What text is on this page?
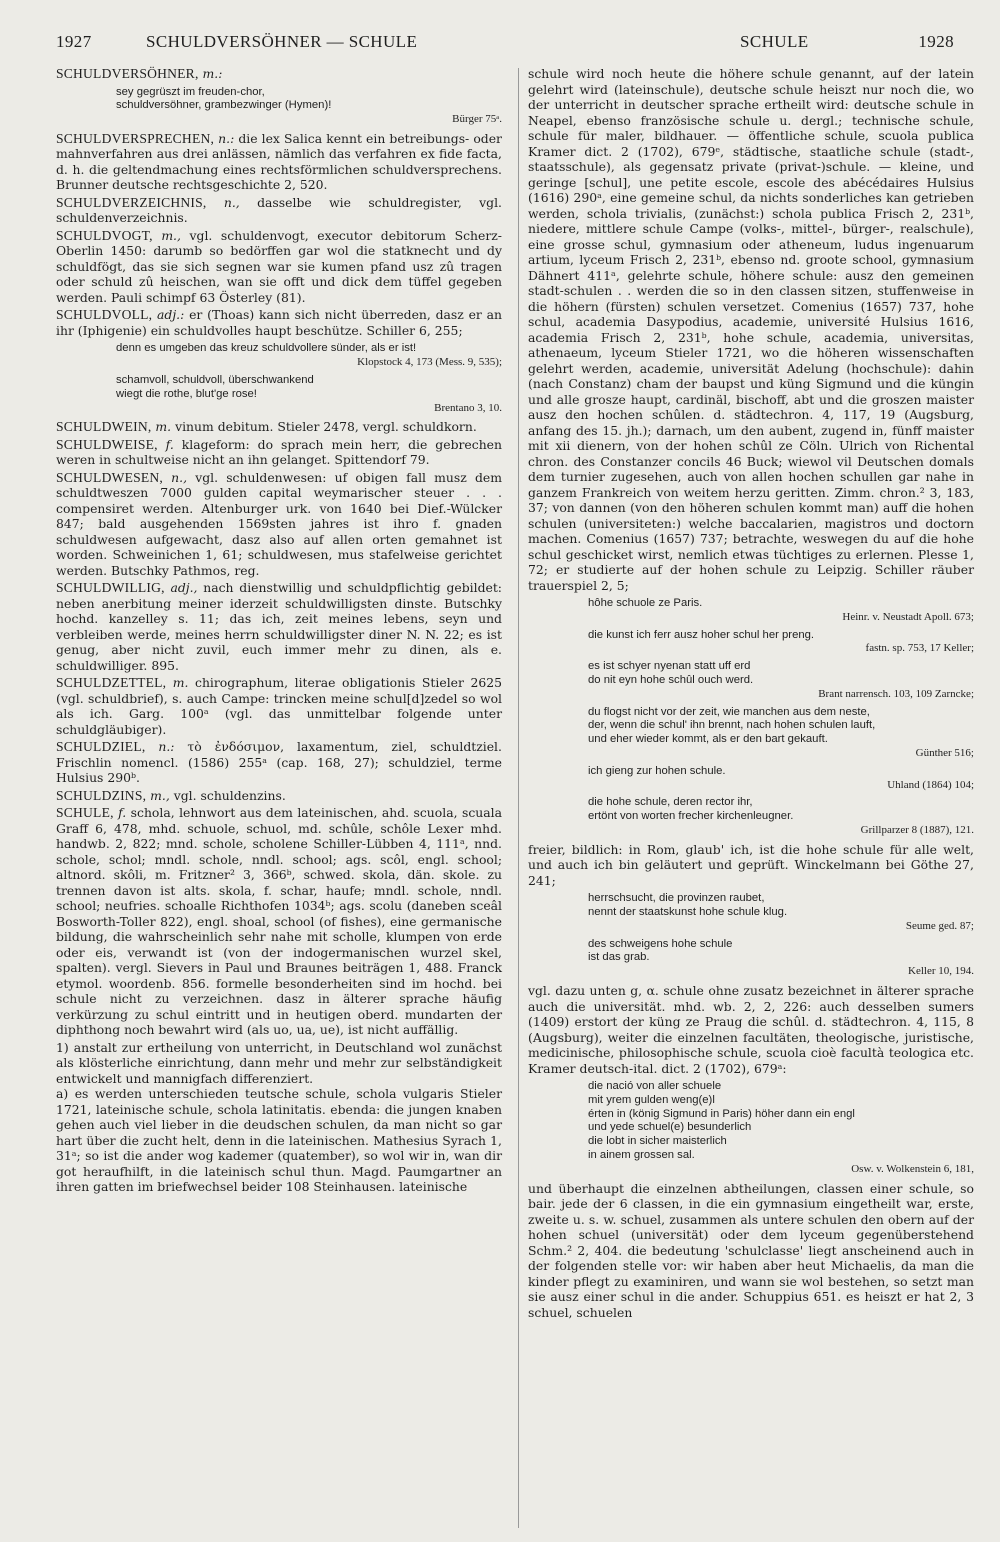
1927	SCHULDVERSÖHNER — SCHULE	SCHULE	1928

SCHULDVERSÖHNER, m.:

sey gegrüszt im freuden-chor,
schuldversöhner, grambezwinger (Hymen)!
Bürger 75ᵃ.

SCHULDVERSPRECHEN, n.: die lex Salica kennt ein betreibungs- oder mahnverfahren aus drei anlässen, nämlich das verfahren ex fide facta, d. h. die geltendmachung eines rechtsförmlichen schuldversprechens. Brunner deutsche rechtsgeschichte 2, 520.

SCHULDVERZEICHNIS, n., dasselbe wie schuldregister, vgl. schuldenverzeichnis.

SCHULDVOGT, m., vgl. schuldenvogt, executor debitorum Scherz-Oberlin 1450: darumb so bedörffen gar wol die statknecht und dy schuldfögt, das sie sich segnen war sie kumen pfand usz zû tragen oder schuld zû heischen, wan sie offt und dick dem tüffel gegeben werden. Pauli schimpf 63 Österley (81).

SCHULDVOLL, adj.: er (Thoas) kann sich nicht überreden, dasz er an ihr (Iphigenie) ein schuldvolles haupt beschütze. Schiller 6, 255;

denn es umgeben das kreuz schuldvollere sünder, als er ist!
Klopstock 4, 173 (Mess. 9, 535);
schamvoll, schuldvoll, überschwankend
wiegt die rothe, blut'ge rose!
Brentano 3, 10.

SCHULDWEIN, m. vinum debitum. Stieler 2478, vergl. schuldkorn.

SCHULDWEISE, f. klageform: do sprach mein herr, die gebrechen weren in schultweise nicht an ihn gelanget. Spittendorf 79.

SCHULDWESEN, n., vgl. schuldenwesen: uf obigen fall musz dem schuldtweszen 7000 gulden capital weymarischer steuer . . . compensiret werden. Altenburger urk. von 1640 bei Dief.-Wülcker 847; bald ausgehenden 1569sten jahres ist ihro f. gnaden schuldwesen aufgewacht, dasz also auf allen orten gemahnet ist worden. Schweinichen 1, 61; schuldwesen, mus stafelweise gerichtet werden. Butschky Pathmos, reg.

SCHULDWILLIG, adj., nach dienstwillig und schuldpflichtig gebildet: neben anerbitung meiner iderzeit schuldwilligsten dinste. Butschky hochd. kanzelley s. 11; das ich, zeit meines lebens, seyn und verbleiben werde, meines herrn schuldwilligster diner N. N. 22; es ist genug, aber nicht zuvil, euch immer mehr zu dinen, als e. schuldwilliger. 895.

SCHULDZETTEL, m. chirographum, literae obligationis Stieler 2625 (vgl. schuldbrief), s. auch Campe: trincken meine schul[d]zedel so wol als ich. Garg. 100ᵃ (vgl. das unmittelbar folgende unter schuldgläubiger).

SCHULDZIEL, n.: τὸ ἐνδόσιμον, laxamentum, ziel, schuldtziel. Frischlin nomencl. (1586) 255ᵃ (cap. 168, 27); schuldziel, terme Hulsius 290ᵇ.

SCHULDZINS, m., vgl. schuldenzins.

SCHULE, f. schola, lehnwort aus dem lateinischen, ahd. scuola, scuala Graff 6, 478, mhd. schuole, schuol, md. schûle, schôle Lexer mhd. handwb. 2, 822; mnd. schole, scholene Schiller-Lübben 4, 111ᵃ, nnd. schole, schol; mndl. schole, nndl. school; ags. scôl, engl. school; altnord. skôli, m. Fritzner² 3, 366ᵇ, schwed. skola, dän. skole. zu trennen davon ist alts. skola, f. schar, haufe; mndl. schole, nndl. school; neufries. schoalle Richthofen 1034ᵇ; ags. scolu (daneben sceâl Bosworth-Toller 822), engl. shoal, school (of fishes), eine germanische bildung, die wahrscheinlich sehr nahe mit scholle, klumpen von erde oder eis, verwandt ist (von der indogermanischen wurzel skel, spalten). vergl. Sievers in Paul und Braunes beiträgen 1, 488. Franck etymol. woordenb. 856. formelle besonderheiten sind im hochd. bei schule nicht zu verzeichnen. dasz in älterer sprache häufig verkürzung zu schul eintritt und in heutigen oberd. mundarten der diphthong noch bewahrt wird (als uo, ua, ue), ist nicht auffällig.

1) anstalt zur ertheilung von unterricht, in Deutschland wol zunächst als klösterliche einrichtung, dann mehr und mehr zur selbständigkeit entwickelt und mannigfach differenziert.

a) es werden unterschieden teutsche schule, schola vulgaris Stieler 1721, lateinische schule, schola latinitatis. ebenda: die jungen knaben gehen auch viel lieber in die deudschen schulen, da man nicht so gar hart über die zucht helt, denn in die lateinischen. Mathesius Syrach 1, 31ᵃ; so ist die ander wog kademer (quatember), so wol wir in, wan dir got heraufhilft, in die lateinisch schul thun. Magd. Paumgartner an ihren gatten im briefwechsel beider 108 Steinhausen. lateinische

schule wird noch heute die höhere schule genannt, auf der latein gelehrt wird (lateinschule), deutsche schule heiszt nur noch die, wo der unterricht in deutscher sprache ertheilt wird: deutsche schule in Neapel, ebenso französische schule u. dergl.; technische schule, schule für maler, bildhauer. — öffentliche schule, scuola publica Kramer dict. 2 (1702), 679ᵉ, städtische, staatliche schule (stadt-, staatsschule), als gegensatz private (privat-)schule. — kleine, und geringe [schul], une petite escole, escole des abécédaires Hulsius (1616) 290ᵃ, eine gemeine schul, da nichts sonderliches kan getrieben werden, schola trivialis, (zunächst:) schola publica Frisch 2, 231ᵇ, niedere, mittlere schule Campe (volks-, mittel-, bürger-, realschule), eine grosse schul, gymnasium oder atheneum, ludus ingenuarum artium, lyceum Frisch 2, 231ᵇ, ebenso nd. groote school, gymnasium Dähnert 411ᵃ, gelehrte schule, höhere schule: ausz den gemeinen stadt-schulen . . werden die so in den classen sitzen, stuffenweise in die höhern (fürsten) schulen versetzet. Comenius (1657) 737, hohe schul, academia Dasypodius, academie, université Hulsius 1616, academia Frisch 2, 231ᵇ, hohe schule, academia, universitas, athenaeum, lyceum Stieler 1721, wo die höheren wissenschaften gelehrt werden, academie, universität Adelung (hochschule): dahin (nach Constanz) cham der baupst und küng Sigmund und die küngin und alle grosze haupt, cardinäl, bischoff, abt und die groszen maister ausz den hochen schûlen. d. städtechron. 4, 117, 19 (Augsburg, anfang des 15. jh.); darnach, um den aubent, zugend in, fünff maister mit xii dienern, von der hohen schûl ze Cöln. Ulrich von Richental chron. des Constanzer concils 46 Buck; wiewol vil Deutschen domals dem turnier zugesehen, auch von allen hochen schullen gar nahe in ganzem Frankreich von weitem herzu geritten. Zimm. chron.² 3, 183, 37; von dannen (von den höheren schulen kommt man) auff die hohen schulen (universiteten:) welche baccalarien, magistros und doctorn machen. Comenius (1657) 737; betrachte, weswegen du auf die hohe schul geschicket wirst, nemlich etwas tüchtiges zu erlernen. Plesse 1, 72; er studierte auf der hohen schule zu Leipzig. Schiller räuber trauerspiel 2, 5;

hôhe schuole ze Paris.
Heinr. v. Neustadt Apoll. 673;
die kunst ich ferr ausz hoher schul her preng.
fastn. sp. 753, 17 Keller;
es ist schyer nyenan statt uff erd
do nit eyn hohe schûl ouch werd.
Brant narrensch. 103, 109 Zarncke;
du flogst nicht vor der zeit, wie manchen aus dem neste,
der, wenn die schul' ihn brennt, nach hohen schulen lauft,
und eher wieder kommt, als er den bart gekauft.
Günther 516;
ich gieng zur hohen schule.
Uhland (1864) 104;
die hohe schule, deren rector ihr,
ertönt von worten frecher kirchenleugner.
Grillparzer 8 (1887), 121.

freier, bildlich: in Rom, glaub' ich, ist die hohe schule für alle welt, und auch ich bin geläutert und geprüft. Winckelmann bei Göthe 27, 241;

herrschsucht, die provinzen raubet,
nennt der staatskunst hohe schule klug.
Seume ged. 87;
des schweigens hohe schule
ist das grab.
Keller 10, 194.

vgl. dazu unten g, α. schule ohne zusatz bezeichnet in älterer sprache auch die universität. mhd. wb. 2, 2, 226: auch desselben sumers (1409) erstort der küng ze Praug die schûl. d. städtechron. 4, 115, 8 (Augsburg), weiter die einzelnen facultäten, theologische, juristische, medicinische, philosophische schule, scuola cioè facultà teologica etc. Kramer deutsch-ital. dict. 2 (1702), 679ᵃ:

die nació von aller schuele
mit yrem gulden weng(e)l
érten in (könig Sigmund in Paris) höher dann ein engl
und yede schuel(e) besunderlich
die lobt in sicher maisterlich
in ainem grossen sal.
Osw. v. Wolkenstein 6, 181,

und überhaupt die einzelnen abtheilungen, classen einer schule, so bair. jede der 6 classen, in die ein gymnasium eingetheilt war, erste, zweite u. s. w. schuel, zusammen als untere schulen den obern auf der hohen schuel (universität) oder dem lyceum gegenüberstehend Schm.² 2, 404. die bedeutung 'schulclasse' liegt anscheinend auch in der folgenden stelle vor: wir haben aber heut Michaelis, da man die kinder pflegt zu examiniren, und wann sie wol bestehen, so setzt man sie ausz einer schul in die ander. Schuppius 651. es heiszt er hat 2, 3 schuel, schuelen
